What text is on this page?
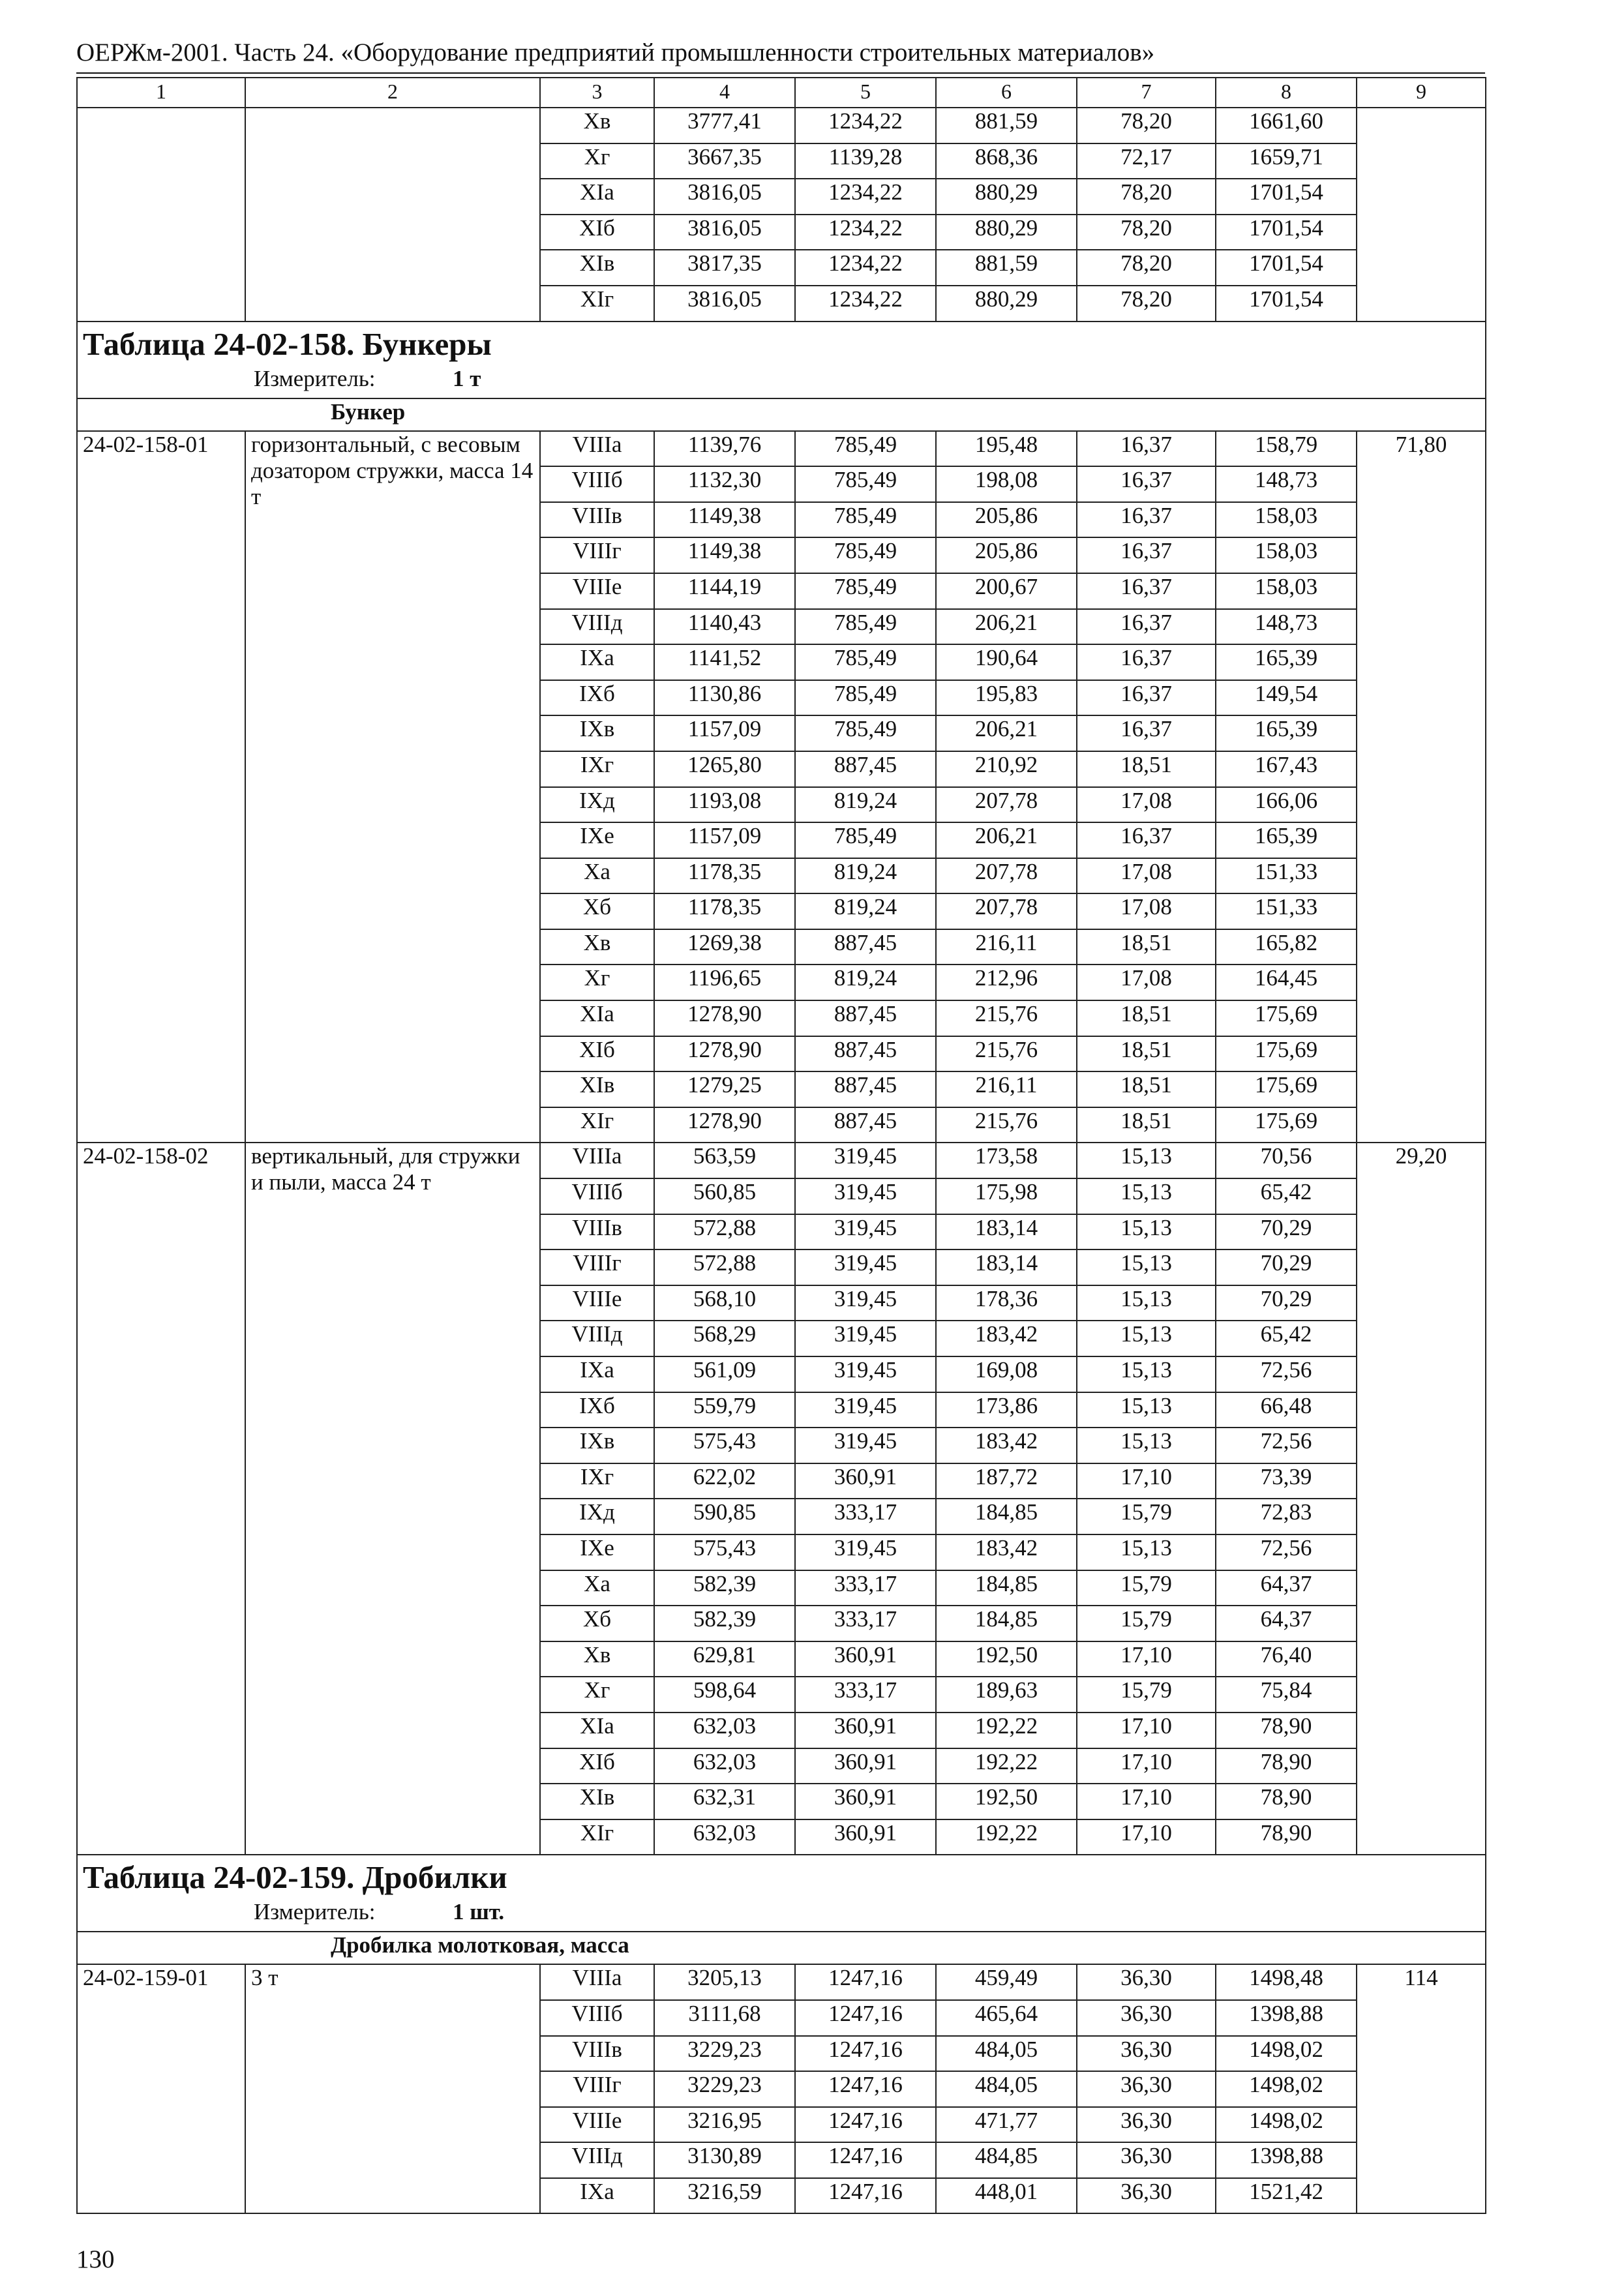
ОЕРЖм-2001. Часть 24. «Оборудование предприятий промышленности строительных материалов»
1	2	3	4	5	6	7	8	9
		Xв	3777,41	1234,22	881,59	78,20	1661,60	
		Xг	3667,35	1139,28	868,36	72,17	1659,71	
		XIa	3816,05	1234,22	880,29	78,20	1701,54	
		XIб	3816,05	1234,22	880,29	78,20	1701,54	
		XIв	3817,35	1234,22	881,59	78,20	1701,54	
		XIг	3816,05	1234,22	880,29	78,20	1701,54	
Таблица 24-02-158. Бункеры
Измеритель: 1 т								

Бункер								
24-02-158-01	горизонтальный, с весовым дозатором стружки, масса 14 т	VIIIa	1139,76	785,49	195,48	16,37	158,79	71,80
		VIIIб	1132,30	785,49	198,08	16,37	148,73	
		VIIIв	1149,38	785,49	205,86	16,37	158,03	
		VIIIг	1149,38	785,49	205,86	16,37	158,03	
		VIIIe	1144,19	785,49	200,67	16,37	158,03	
		VIIIд	1140,43	785,49	206,21	16,37	148,73	
		IXa	1141,52	785,49	190,64	16,37	165,39	
		IXб	1130,86	785,49	195,83	16,37	149,54	
		IXв	1157,09	785,49	206,21	16,37	165,39	
		IXг	1265,80	887,45	210,92	18,51	167,43	
		IXд	1193,08	819,24	207,78	17,08	166,06	
		IXe	1157,09	785,49	206,21	16,37	165,39	
		Xa	1178,35	819,24	207,78	17,08	151,33	
		Xб	1178,35	819,24	207,78	17,08	151,33	
		Xв	1269,38	887,45	216,11	18,51	165,82	
		Xг	1196,65	819,24	212,96	17,08	164,45	
		XIa	1278,90	887,45	215,76	18,51	175,69	
		XIб	1278,90	887,45	215,76	18,51	175,69	
		XIв	1279,25	887,45	216,11	18,51	175,69	
		XIг	1278,90	887,45	215,76	18,51	175,69	
24-02-158-02	вертикальный, для стружки и пыли, масса 24 т	VIIIa	563,59	319,45	173,58	15,13	70,56	29,20
		VIIIб	560,85	319,45	175,98	15,13	65,42	
		VIIIв	572,88	319,45	183,14	15,13	70,29	
		VIIIг	572,88	319,45	183,14	15,13	70,29	
		VIIIe	568,10	319,45	178,36	15,13	70,29	
		VIIIд	568,29	319,45	183,42	15,13	65,42	
		IXa	561,09	319,45	169,08	15,13	72,56	
		IXб	559,79	319,45	173,86	15,13	66,48	
		IXв	575,43	319,45	183,42	15,13	72,56	
		IXг	622,02	360,91	187,72	17,10	73,39	
		IXд	590,85	333,17	184,85	15,79	72,83	
		IXe	575,43	319,45	183,42	15,13	72,56	
		Xa	582,39	333,17	184,85	15,79	64,37	
		Xб	582,39	333,17	184,85	15,79	64,37	
		Xв	629,81	360,91	192,50	17,10	76,40	
		Xг	598,64	333,17	189,63	15,79	75,84	
		XIa	632,03	360,91	192,22	17,10	78,90	
		XIб	632,03	360,91	192,22	17,10	78,90	
		XIв	632,31	360,91	192,50	17,10	78,90	
		XIг	632,03	360,91	192,22	17,10	78,90	
Таблица 24-02-159. Дробилки
Измеритель: 1 шт.								

Дробилка молотковая, масса								
24-02-159-01	3 т	VIIIa	3205,13	1247,16	459,49	36,30	1498,48	114
		VIIIб	3111,68	1247,16	465,64	36,30	1398,88	
		VIIIв	3229,23	1247,16	484,05	36,30	1498,02	
		VIIIг	3229,23	1247,16	484,05	36,30	1498,02	
		VIIIe	3216,95	1247,16	471,77	36,30	1498,02	
		VIIIд	3130,89	1247,16	484,85	36,30	1398,88	
		IXa	3216,59	1247,16	448,01	36,30	1521,42	
130
